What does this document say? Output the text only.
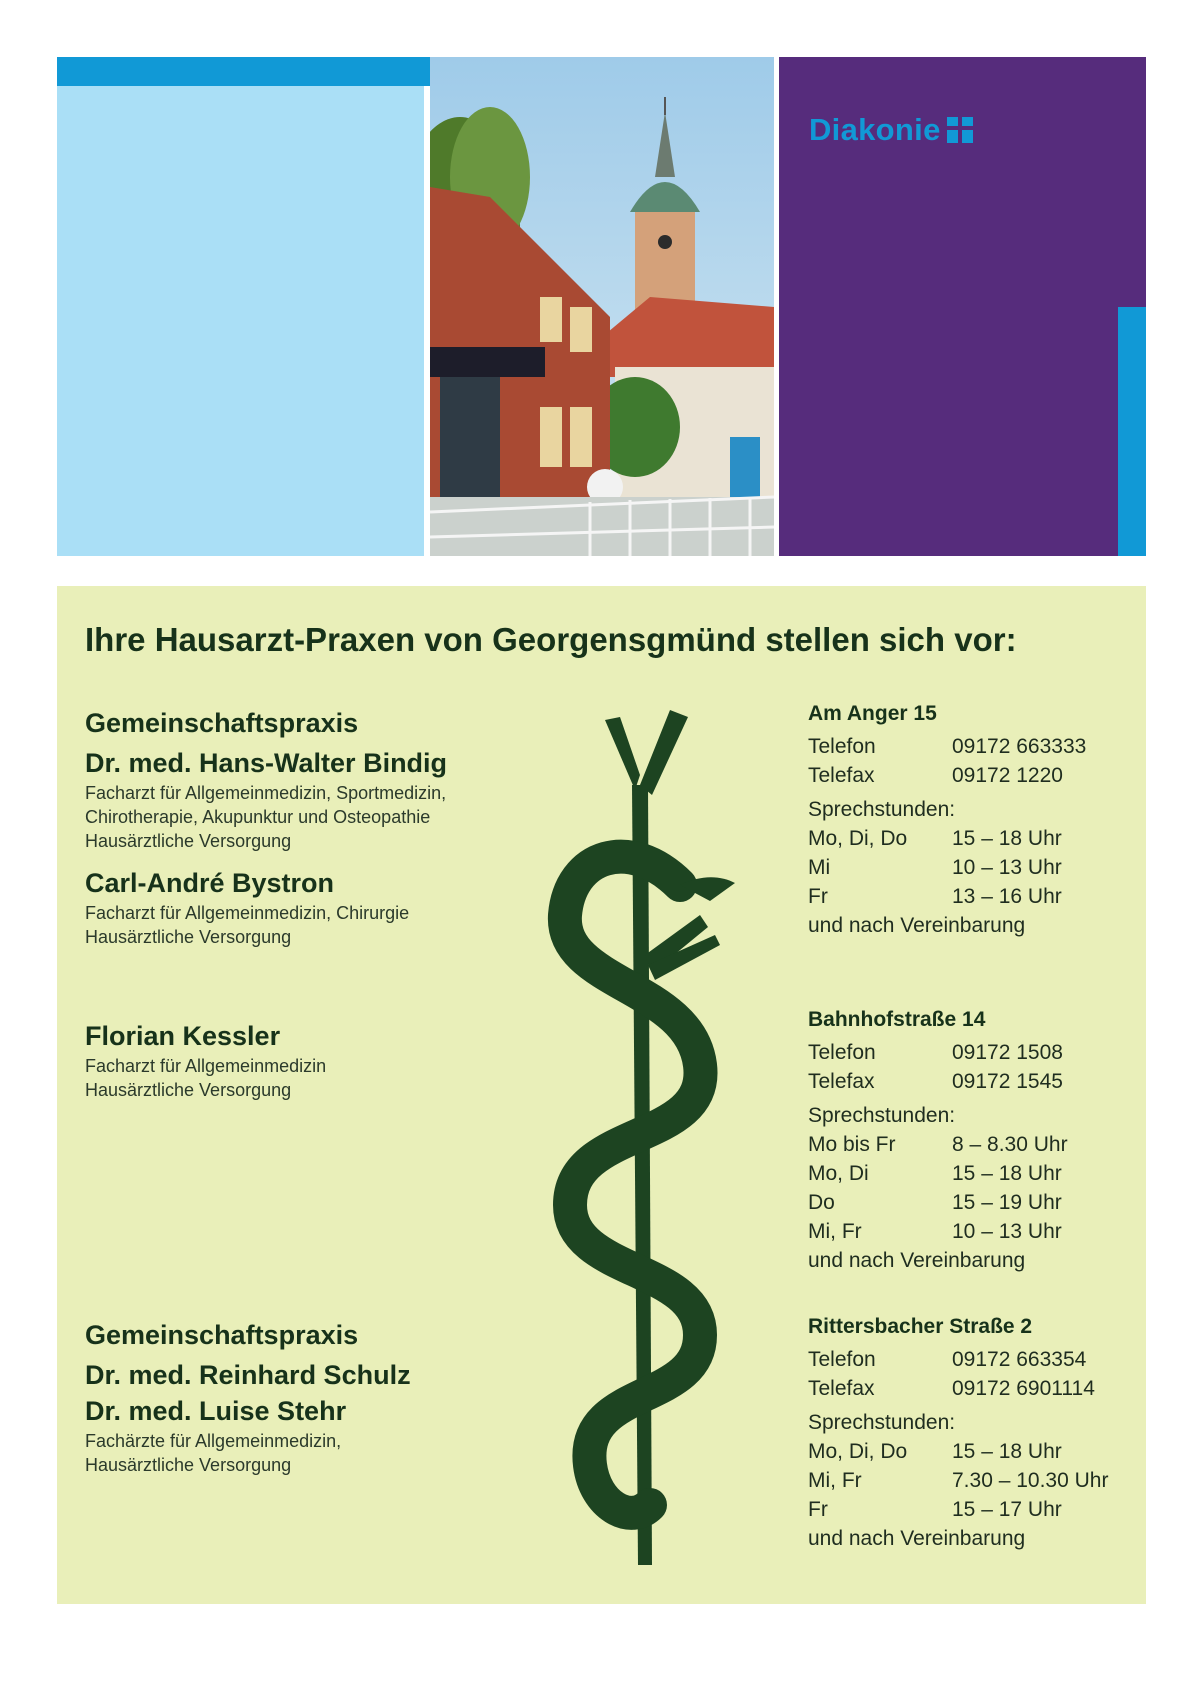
Diakonie
Ihre Hausarzt-Praxen von Georgensgmünd stellen sich vor:
Gemeinschaftspraxis
Dr. med. Hans-Walter Bindig
Facharzt für Allgemeinmedizin, Sportmedizin,
Chirotherapie, Akupunktur und Osteopathie
Hausärztliche Versorgung
Carl-André Bystron
Facharzt für Allgemeinmedizin, Chirurgie
Hausärztliche Versorgung
Am Anger 15
Telefon	09172 663333
Telefax	09172 1220
Sprechstunden:
Mo, Di, Do	15 – 18 Uhr
Mi	10 – 13 Uhr
Fr	13 – 16 Uhr
und nach Vereinbarung
Florian Kessler
Facharzt für Allgemeinmedizin
Hausärztliche Versorgung
Bahnhofstraße 14
Telefon	09172 1508
Telefax	09172 1545
Sprechstunden:
Mo bis Fr	8 – 8.30 Uhr
Mo, Di	15 – 18 Uhr
Do	15 – 19 Uhr
Mi, Fr	10 – 13 Uhr
und nach Vereinbarung
Gemeinschaftspraxis
Dr. med. Reinhard Schulz
Dr. med. Luise Stehr
Fachärzte für Allgemeinmedizin,
Hausärztliche Versorgung
Rittersbacher Straße 2
Telefon	09172 663354
Telefax	09172 6901114
Sprechstunden:
Mo, Di, Do	15 – 18 Uhr
Mi, Fr	7.30 – 10.30 Uhr
Fr	15 – 17 Uhr
und nach Vereinbarung
